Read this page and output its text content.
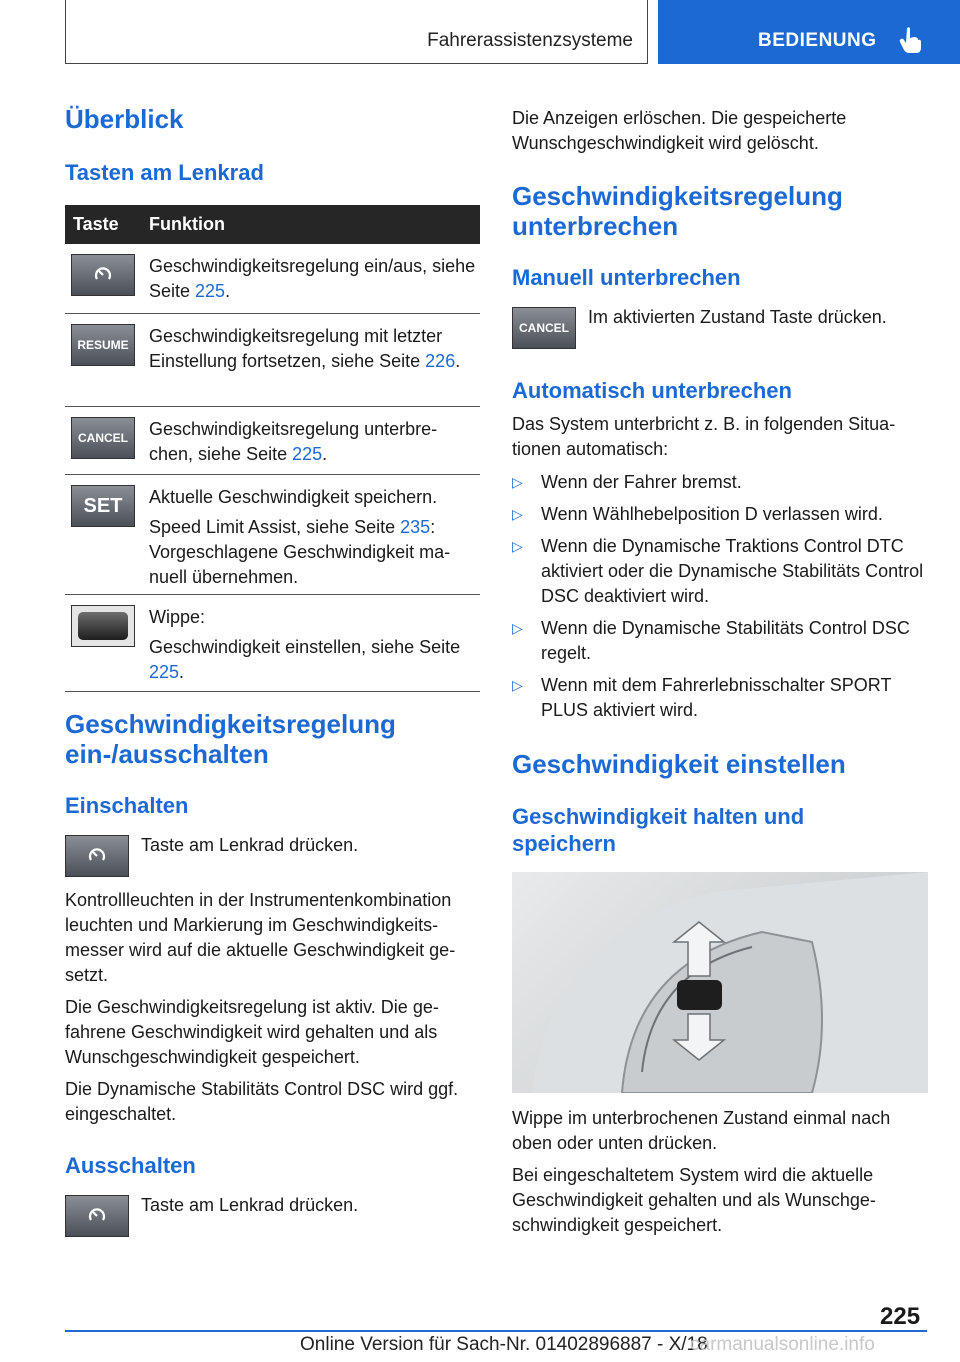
Fahrerassistenzsysteme	BEDIENUNG
Überblick
Tasten am Lenkrad
Taste Funktion
Geschwindigkeitsregelung ein/aus, siehe Seite 225.
RESUME	Geschwindigkeitsregelung mit letzter Einstellung fortsetzen, siehe Seite 226.
CANCEL	Geschwindigkeitsregelung unterbre-chen, siehe Seite 225.
SET	Aktuelle Geschwindigkeit speichern.

Speed Limit Assist, siehe Seite 235: Vorgeschlagene Geschwindigkeit ma-nuell übernehmen.

Wippe:

Geschwindigkeit einstellen, siehe Seite 225.

Geschwindigkeitsregelung ein-/ausschalten
Einschalten

Taste am Lenkrad drücken.

Kontrollleuchten in der Instrumentenkombination leuchten und Markierung im Geschwindigkeits-messer wird auf die aktuelle Geschwindigkeit ge-setzt.

Die Geschwindigkeitsregelung ist aktiv. Die ge-fahrene Geschwindigkeit wird gehalten und als Wunschgeschwindigkeit gespeichert.

Die Dynamische Stabilitäts Control DSC wird ggf. eingeschaltet.

Ausschalten

Taste am Lenkrad drücken.

Die Anzeigen erlöschen. Die gespeicherte Wunschgeschwindigkeit wird gelöscht.

Geschwindigkeitsregelung unterbrechen
Manuell unterbrechen
CANCEL

Im aktivierten Zustand Taste drücken.

Automatisch unterbrechen

Das System unterbricht z. B. in folgenden Situa-tionen automatisch:

▷ Wenn der Fahrer bremst.
▷ Wenn Wählhebelposition D verlassen wird.
▷ Wenn die Dynamische Traktions Control DTC aktiviert oder die Dynamische Stabilitäts Control DSC deaktiviert wird.
▷ Wenn die Dynamische Stabilitäts Control DSC regelt.
▷ Wenn mit dem Fahrerlebnisschalter SPORT PLUS aktiviert wird.
Geschwindigkeit einstellen
Geschwindigkeit halten und speichern

Wippe im unterbrochenen Zustand einmal nach oben oder unten drücken.

Bei eingeschaltetem System wird die aktuelle Geschwindigkeit gehalten und als Wunschge-schwindigkeit gespeichert.

225
Online Version für Sach-Nr. 01402896887 - X/18
carmanualsonline.info
